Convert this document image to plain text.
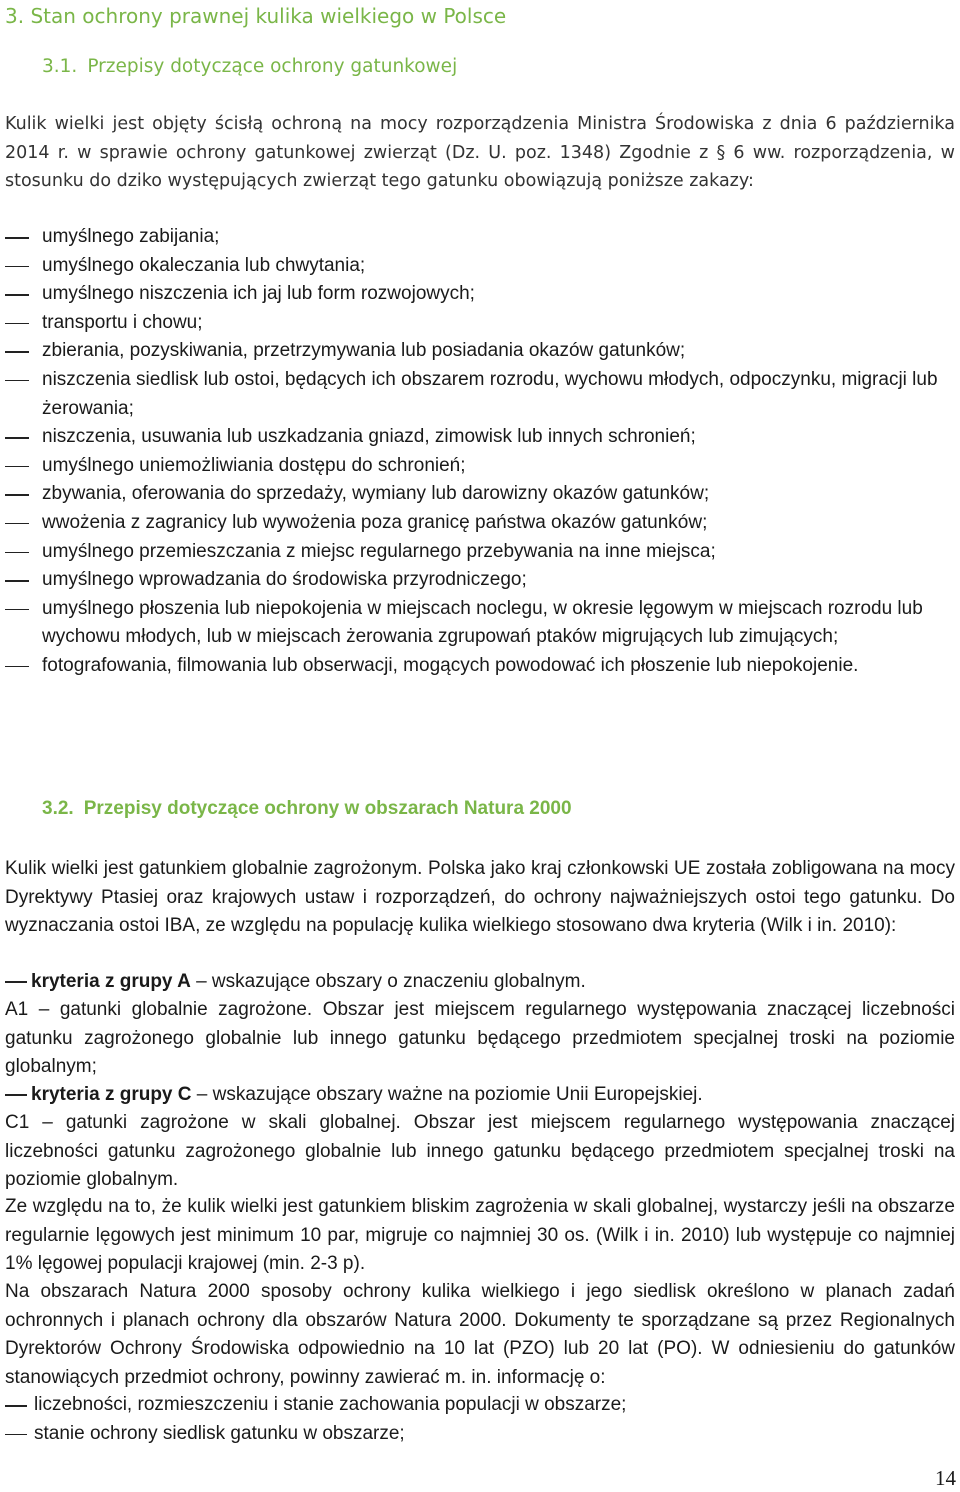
3. Stan ochrony prawnej kulika wielkiego w Polsce
3.1. Przepisy dotyczące ochrony gatunkowej

Kulik wielki jest objęty ścisłą ochroną na mocy rozporządzenia Ministra Środowiska z dnia 6 października 2014 r. w sprawie ochrony gatunkowej zwierząt (Dz. U. poz. 1348) Zgodnie z § 6 ww. rozporządzenia, w stosunku do dziko występujących zwierząt tego gatunku obowiązują poniższe zakazy:

umyślnego zabijania;
umyślnego okaleczania lub chwytania;
umyślnego niszczenia ich jaj lub form rozwojowych;
transportu i chowu;
zbierania, pozyskiwania, przetrzymywania lub posiadania okazów gatunków;
niszczenia siedlisk lub ostoi, będących ich obszarem rozrodu, wychowu młodych, odpoczynku, migracji lub żerowania;
niszczenia, usuwania lub uszkadzania gniazd, zimowisk lub innych schronień;
umyślnego uniemożliwiania dostępu do schronień;
zbywania, oferowania do sprzedaży, wymiany lub darowizny okazów gatunków;
wwożenia z zagranicy lub wywożenia poza granicę państwa okazów gatunków;
umyślnego przemieszczania z miejsc regularnego przebywania na inne miejsca;
umyślnego wprowadzania do środowiska przyrodniczego;
umyślnego płoszenia lub niepokojenia w miejscach noclegu, w okresie lęgowym w miejscach rozrodu lub wychowu młodych, lub w miejscach żerowania zgrupowań ptaków migrujących lub zimujących;
fotografowania, filmowania lub obserwacji, mogących powodować ich płoszenie lub niepokojenie.
3.2. Przepisy dotyczące ochrony w obszarach Natura 2000

Kulik wielki jest gatunkiem globalnie zagrożonym. Polska jako kraj członkowski UE została zobligowana na mocy Dyrektywy Ptasiej oraz krajowych ustaw i rozporządzeń, do ochrony najważniejszych ostoi tego gatunku. Do wyznaczania ostoi IBA, ze względu na populację kulika wielkiego stosowano dwa kryteria (Wilk i in. 2010):

kryteria z grupy A – wskazujące obszary o znaczeniu globalnym.

A1 – gatunki globalnie zagrożone. Obszar jest miejscem regularnego występowania znaczącej liczebności gatunku zagrożonego globalnie lub innego gatunku będącego przedmiotem specjalnej troski na poziomie globalnym;

kryteria z grupy C – wskazujące obszary ważne na poziomie Unii Europejskiej.

C1 – gatunki zagrożone w skali globalnej. Obszar jest miejscem regularnego występowania znaczącej liczebności gatunku zagrożonego globalnie lub innego gatunku będącego przedmiotem specjalnej troski na poziomie globalnym.

Ze względu na to, że kulik wielki jest gatunkiem bliskim zagrożenia w skali globalnej, wystarczy jeśli na obszarze regularnie lęgowych jest minimum 10 par, migruje co najmniej 30 os. (Wilk i in. 2010) lub występuje co najmniej 1% lęgowej populacji krajowej (min. 2-3 p).

Na obszarach Natura 2000 sposoby ochrony kulika wielkiego i jego siedlisk określono w planach zadań ochronnych i planach ochrony dla obszarów Natura 2000. Dokumenty te sporządzane są przez Regionalnych Dyrektorów Ochrony Środowiska odpowiednio na 10 lat (PZO) lub 20 lat (PO). W odniesieniu do gatunków stanowiących przedmiot ochrony, powinny zawierać m. in. informację o:

liczebności, rozmieszczeniu i stanie zachowania populacji w obszarze;
stanie ochrony siedlisk gatunku w obszarze;
14
